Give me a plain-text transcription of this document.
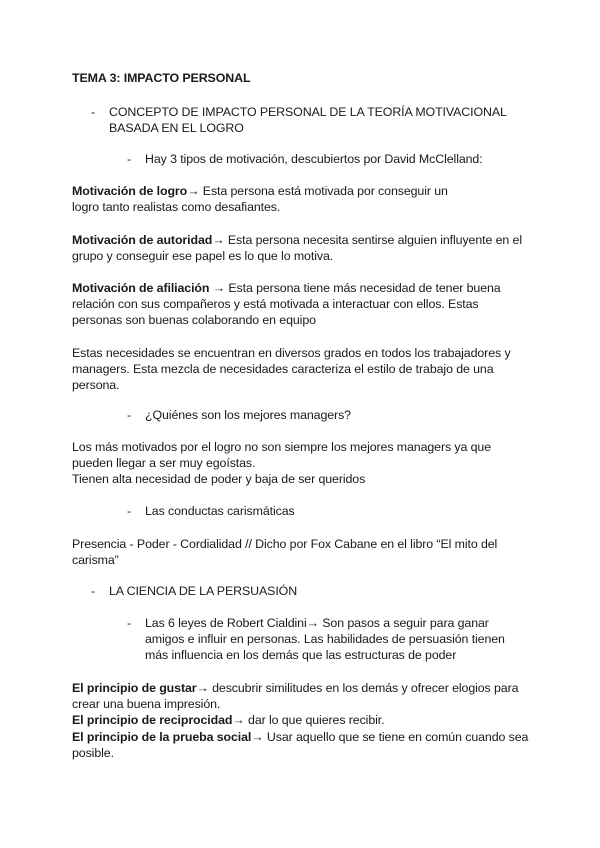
TEMA 3: IMPACTO PERSONAL
- CONCEPTO DE IMPACTO PERSONAL DE LA TEORÍA MOTIVACIONAL
BASADA EN EL LOGRO
- Hay 3 tipos de motivación, descubiertos por David McClelland:
Motivación de logro→ Esta persona está motivada por conseguir un
logro tanto realistas como desafiantes.
Motivación de autoridad→ Esta persona necesita sentirse alguien influyente en el
grupo y conseguir ese papel es lo que lo motiva.
Motivación de afiliación → Esta persona tiene más necesidad de tener buena
relación con sus compañeros y está motivada a interactuar con ellos. Estas
personas son buenas colaborando en equipo
Estas necesidades se encuentran en diversos grados en todos los trabajadores y
managers. Esta mezcla de necesidades caracteriza el estilo de trabajo de una
persona.
- ¿Quiénes son los mejores managers?
Los más motivados por el logro no son siempre los mejores managers ya que
pueden llegar a ser muy egoístas.
Tienen alta necesidad de poder y baja de ser queridos
- Las conductas carismáticas
Presencia - Poder - Cordialidad // Dicho por Fox Cabane en el libro “El mito del
carisma”
- LA CIENCIA DE LA PERSUASIÓN
- Las 6 leyes de Robert Cialdini→ Son pasos a seguir para ganar
amigos e influir en personas. Las habilidades de persuasión tienen
más influencia en los demás que las estructuras de poder
El principio de gustar→ descubrir similitudes en los demás y ofrecer elogios para
crear una buena impresión.
El principio de reciprocidad→ dar lo que quieres recibir.
El principio de la prueba social→ Usar aquello que se tiene en común cuando sea
posible.
